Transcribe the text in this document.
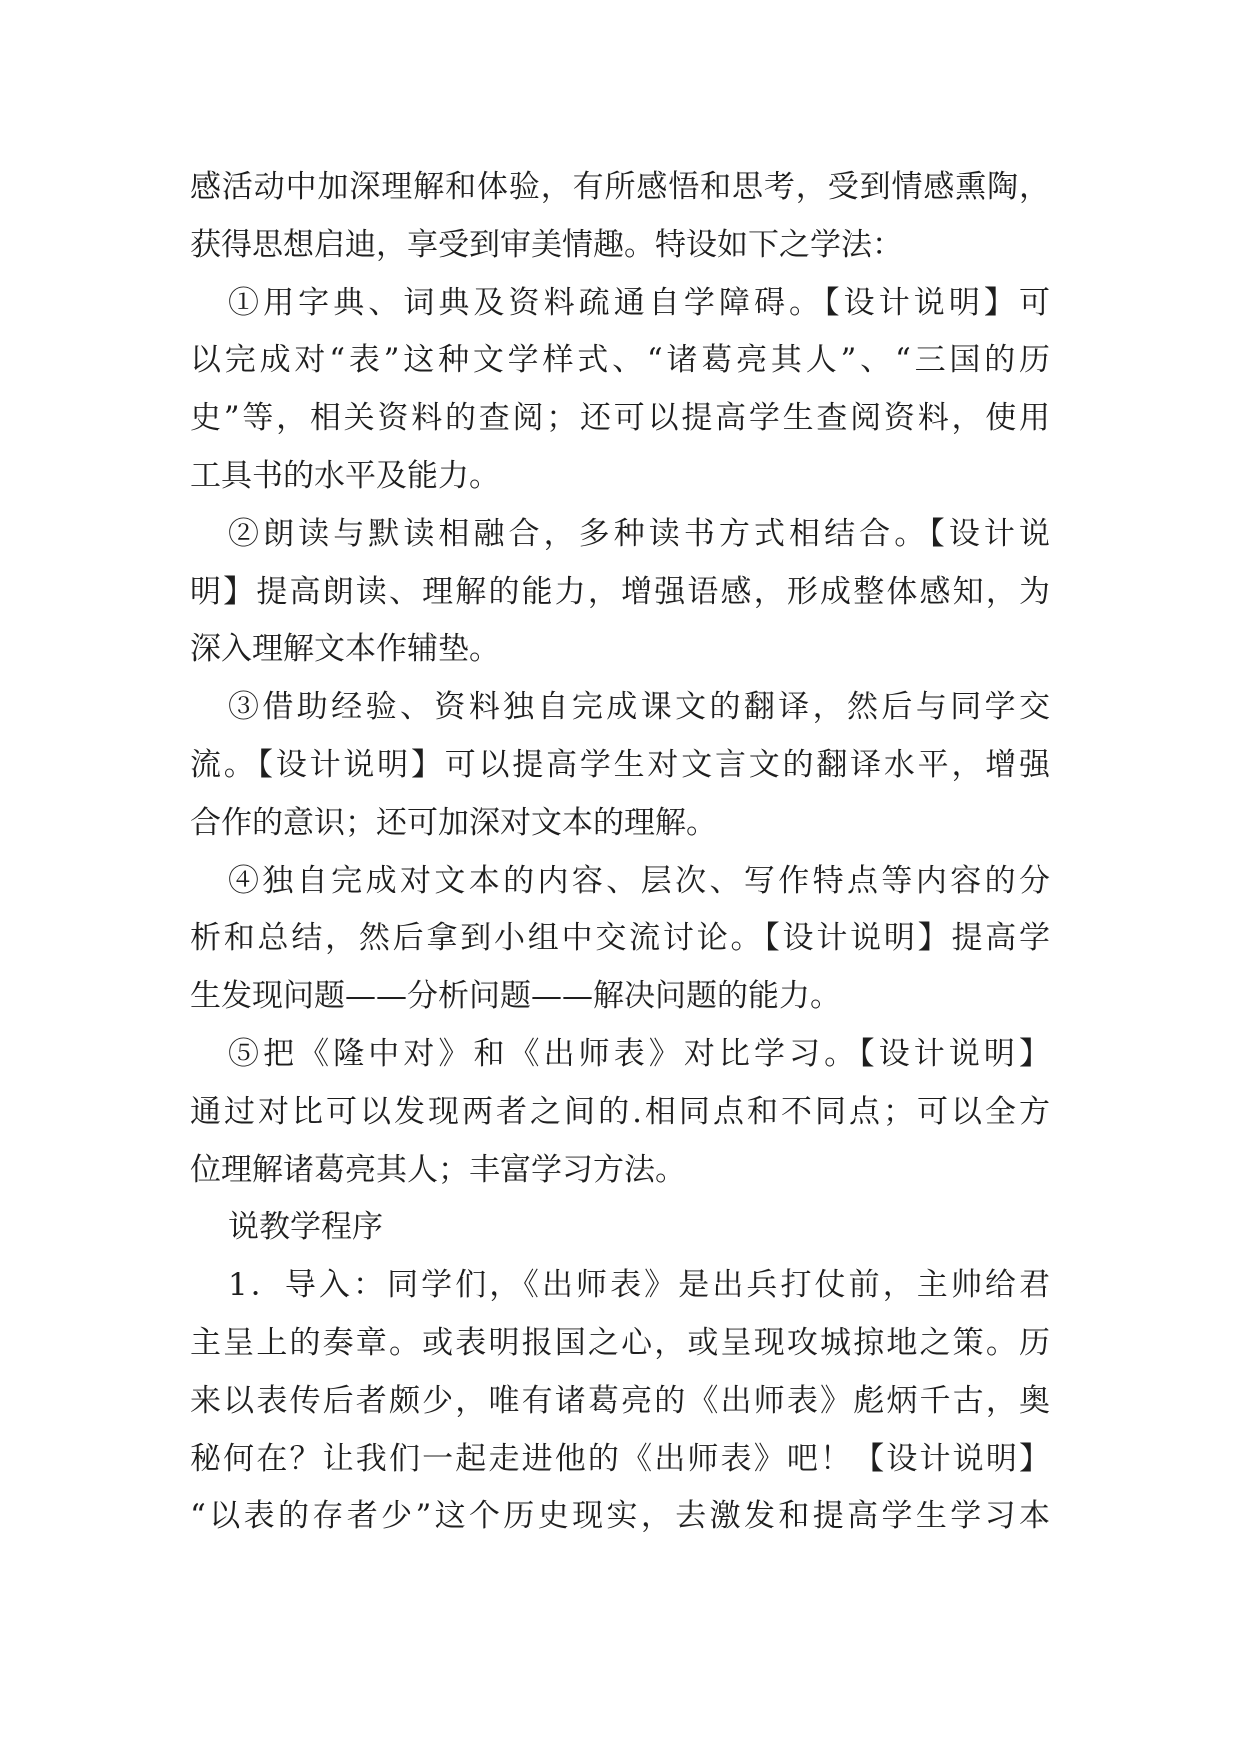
感活动中加深理解和体验，有所感悟和思考，受到情感熏陶，
获得思想启迪，享受到审美情趣。特设如下之学法：
①用字典、词典及资料疏通自学障碍。【设计说明】可
以完成对“表”这种文学样式、“诸葛亮其人”、“三国的历
史”等，相关资料的查阅；还可以提高学生查阅资料，使用
工具书的水平及能力。
②朗读与默读相融合，多种读书方式相结合。【设计说
明】提高朗读、理解的能力，增强语感，形成整体感知，为
深入理解文本作辅垫。
③借助经验、资料独自完成课文的翻译，然后与同学交
流。【设计说明】可以提高学生对文言文的翻译水平，增强
合作的意识；还可加深对文本的理解。
④独自完成对文本的内容、层次、写作特点等内容的分
析和总结，然后拿到小组中交流讨论。【设计说明】提高学
生发现问题——分析问题——解决问题的能力。
⑤把《隆中对》和《出师表》对比学习。【设计说明】
通过对比可以发现两者之间的.相同点和不同点；可以全方
位理解诸葛亮其人；丰富学习方法。
说教学程序
1．导入：同学们，《出师表》是出兵打仗前，主帅给君
主呈上的奏章。或表明报国之心，或呈现攻城掠地之策。历
来以表传后者颇少，唯有诸葛亮的《出师表》彪炳千古，奥
秘何在？让我们一起走进他的《出师表》吧！【设计说明】
“以表的存者少”这个历史现实，去激发和提高学生学习本
